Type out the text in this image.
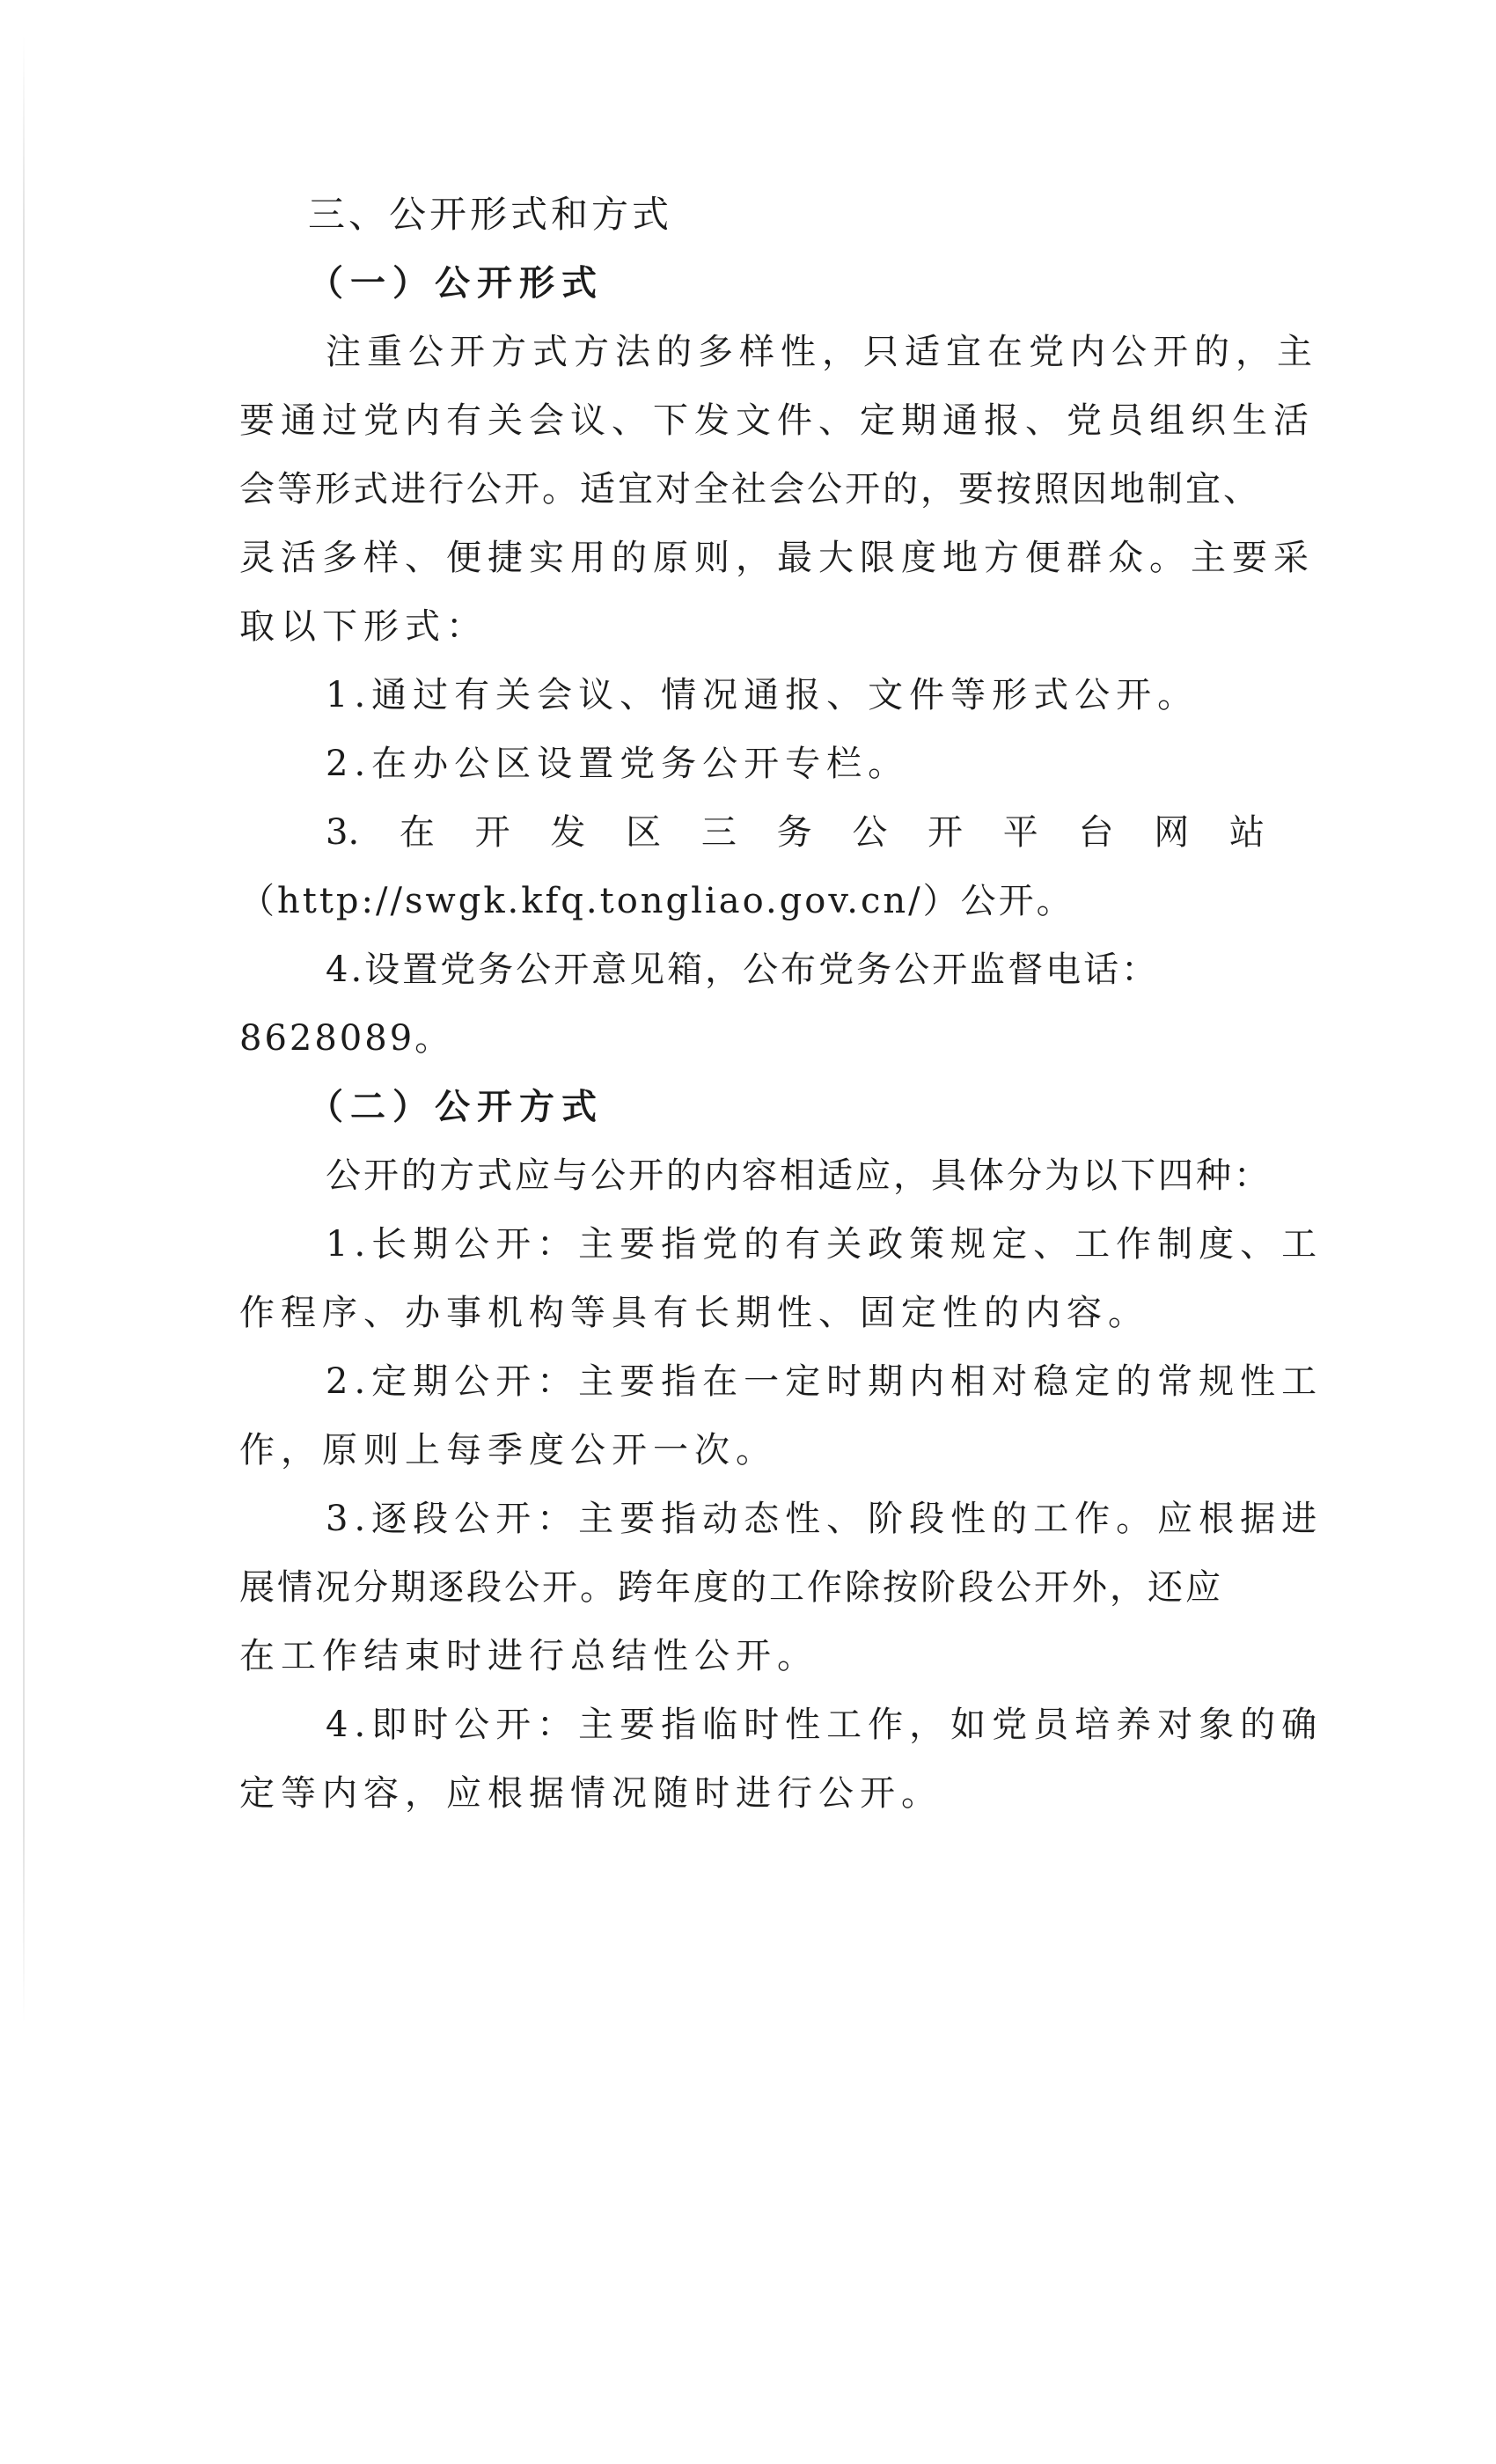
三、公开形式和方式
（一）公开形式
注重公开方式方法的多样性，只适宜在党内公开的，主
要通过党内有关会议、下发文件、定期通报、党员组织生活
会等形式进行公开。适宜对全社会公开的，要按照因地制宜、
灵活多样、便捷实用的原则，最大限度地方便群众。主要采
取以下形式：
1.通过有关会议、情况通报、文件等形式公开。
2.在办公区设置党务公开专栏。
3. 在 开 发 区 三 务 公 开 平 台 网 站
（http://swgk.kfq.tongliao.gov.cn/）公开。
4.设置党务公开意见箱，公布党务公开监督电话：
8628089。
（二）公开方式
公开的方式应与公开的内容相适应，具体分为以下四种：
1.长期公开：主要指党的有关政策规定、工作制度、工
作程序、办事机构等具有长期性、固定性的内容。
2.定期公开：主要指在一定时期内相对稳定的常规性工
作，原则上每季度公开一次。
3.逐段公开：主要指动态性、阶段性的工作。应根据进
展情况分期逐段公开。跨年度的工作除按阶段公开外，还应
在工作结束时进行总结性公开。
4.即时公开：主要指临时性工作，如党员培养对象的确
定等内容，应根据情况随时进行公开。
